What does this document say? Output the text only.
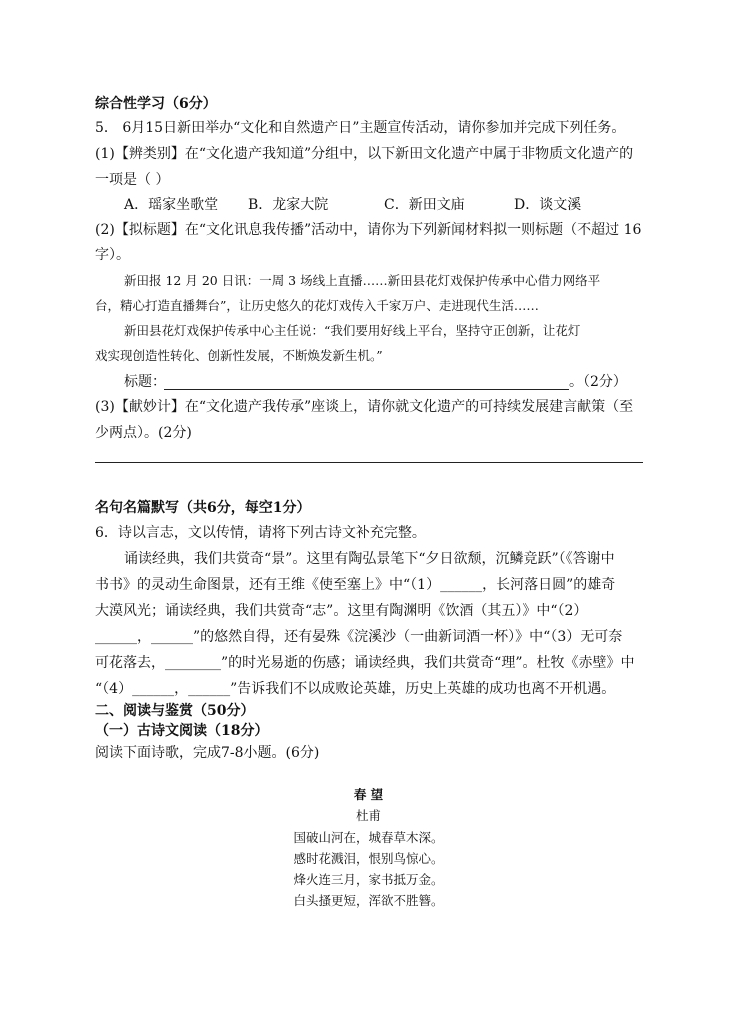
综合性学习（6分）
5． 6月15日新田举办“文化和自然遗产日”主题宣传活动，请你参加并完成下列任务。
(1)【辨类别】在“文化遗产我知道”分组中，以下新田文化遗产中属于非物质文化遗产的
一项是（ ）
A．瑶家坐歌堂 B．龙家大院	C．新田文庙	D．谈文溪
(2)【拟标题】在“文化讯息我传播”活动中，请你为下列新闻材料拟一则标题（不超过 16
字）。
新田报 12 月 20 日讯：一周 3 场线上直播……新田县花灯戏保护传承中心借力网络平
台，精心打造直播舞台”，让历史悠久的花灯戏传入千家万户、走进现代生活……
新田县花灯戏保护传承中心主任说：“我们要用好线上平台，坚持守正创新，让花灯
戏实现创造性转化、创新性发展，不断焕发新生机。”
标题：	。（2分）
(3)【献妙计】在“文化遗产我传承”座谈上，请你就文化遗产的可持续发展建言献策（至
少两点）。(2分)
名句名篇默写（共6分，每空1分）
6．诗以言志，文以传情，请将下列古诗文补充完整。
诵读经典，我们共赏奇“景”。这里有陶弘景笔下“夕日欲颓，沉鳞竞跃”（《答谢中
书书》的灵动生命图景，还有王维《使至塞上》中“（1）______，长河落日圆”的雄奇
大漠风光；诵读经典，我们共赏奇“志”。这里有陶渊明《饮酒（其五）》中“（2）
______，______”的悠然自得，还有晏殊《浣溪沙（一曲新词酒一杯）》中“（3）无可奈
可花落去，________”的时光易逝的伤感；诵读经典，我们共赏奇“理”。杜牧《赤壁》中
“（4）______，______”告诉我们不以成败论英雄，历史上英雄的成功也离不开机遇。
二、阅读与鉴赏（50分）
（一）古诗文阅读（18分）
阅读下面诗歌，完成7-8小题。(6分)
春 望
杜甫
国破山河在，城春草木深。
感时花溅泪，恨别鸟惊心。
烽火连三月，家书抵万金。
白头搔更短，浑欲不胜簪。
